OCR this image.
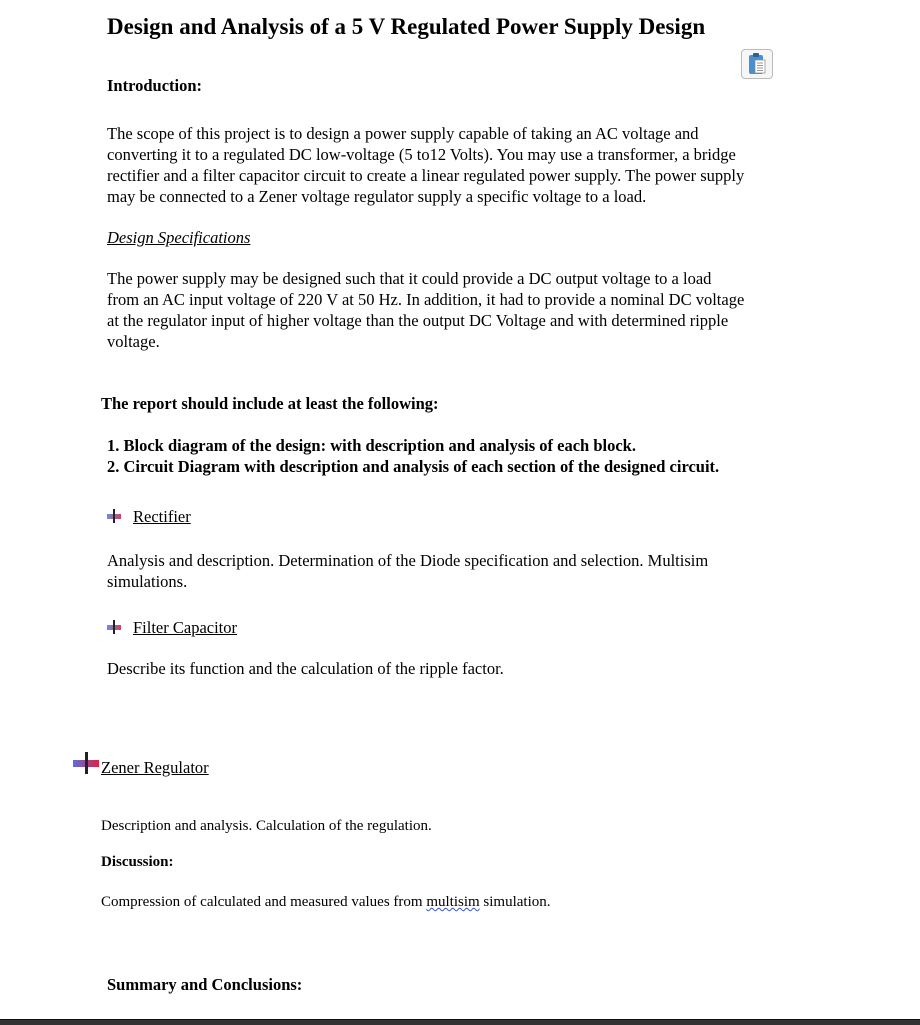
Design and Analysis of a 5 V Regulated Power Supply Design
Introduction:
The scope of this project is to design a power supply capable of taking an AC voltage and
converting it to a regulated DC low-voltage (5 to12 Volts). You may use a transformer, a bridge
rectifier and a filter capacitor circuit to create a linear regulated power supply. The power supply
may be connected to a Zener voltage regulator supply a specific voltage to a load.
Design Specifications
The power supply may be designed such that it could provide a DC output voltage to a load
from an AC input voltage of 220 V at 50 Hz. In addition, it had to provide a nominal DC voltage
at the regulator input of higher voltage than the output DC Voltage and with determined ripple
voltage.
The report should include at least the following:
1. Block diagram of the design: with description and analysis of each block.
2. Circuit Diagram with description and analysis of each section of the designed circuit.
Rectifier
Analysis and description. Determination of the Diode specification and selection. Multisim
simulations.
Filter Capacitor
Describe its function and the calculation of the ripple factor.
Zener Regulator
Description and analysis. Calculation of the regulation.
Discussion:
Compression of calculated and measured values from multisim simulation.
Summary and Conclusions:
